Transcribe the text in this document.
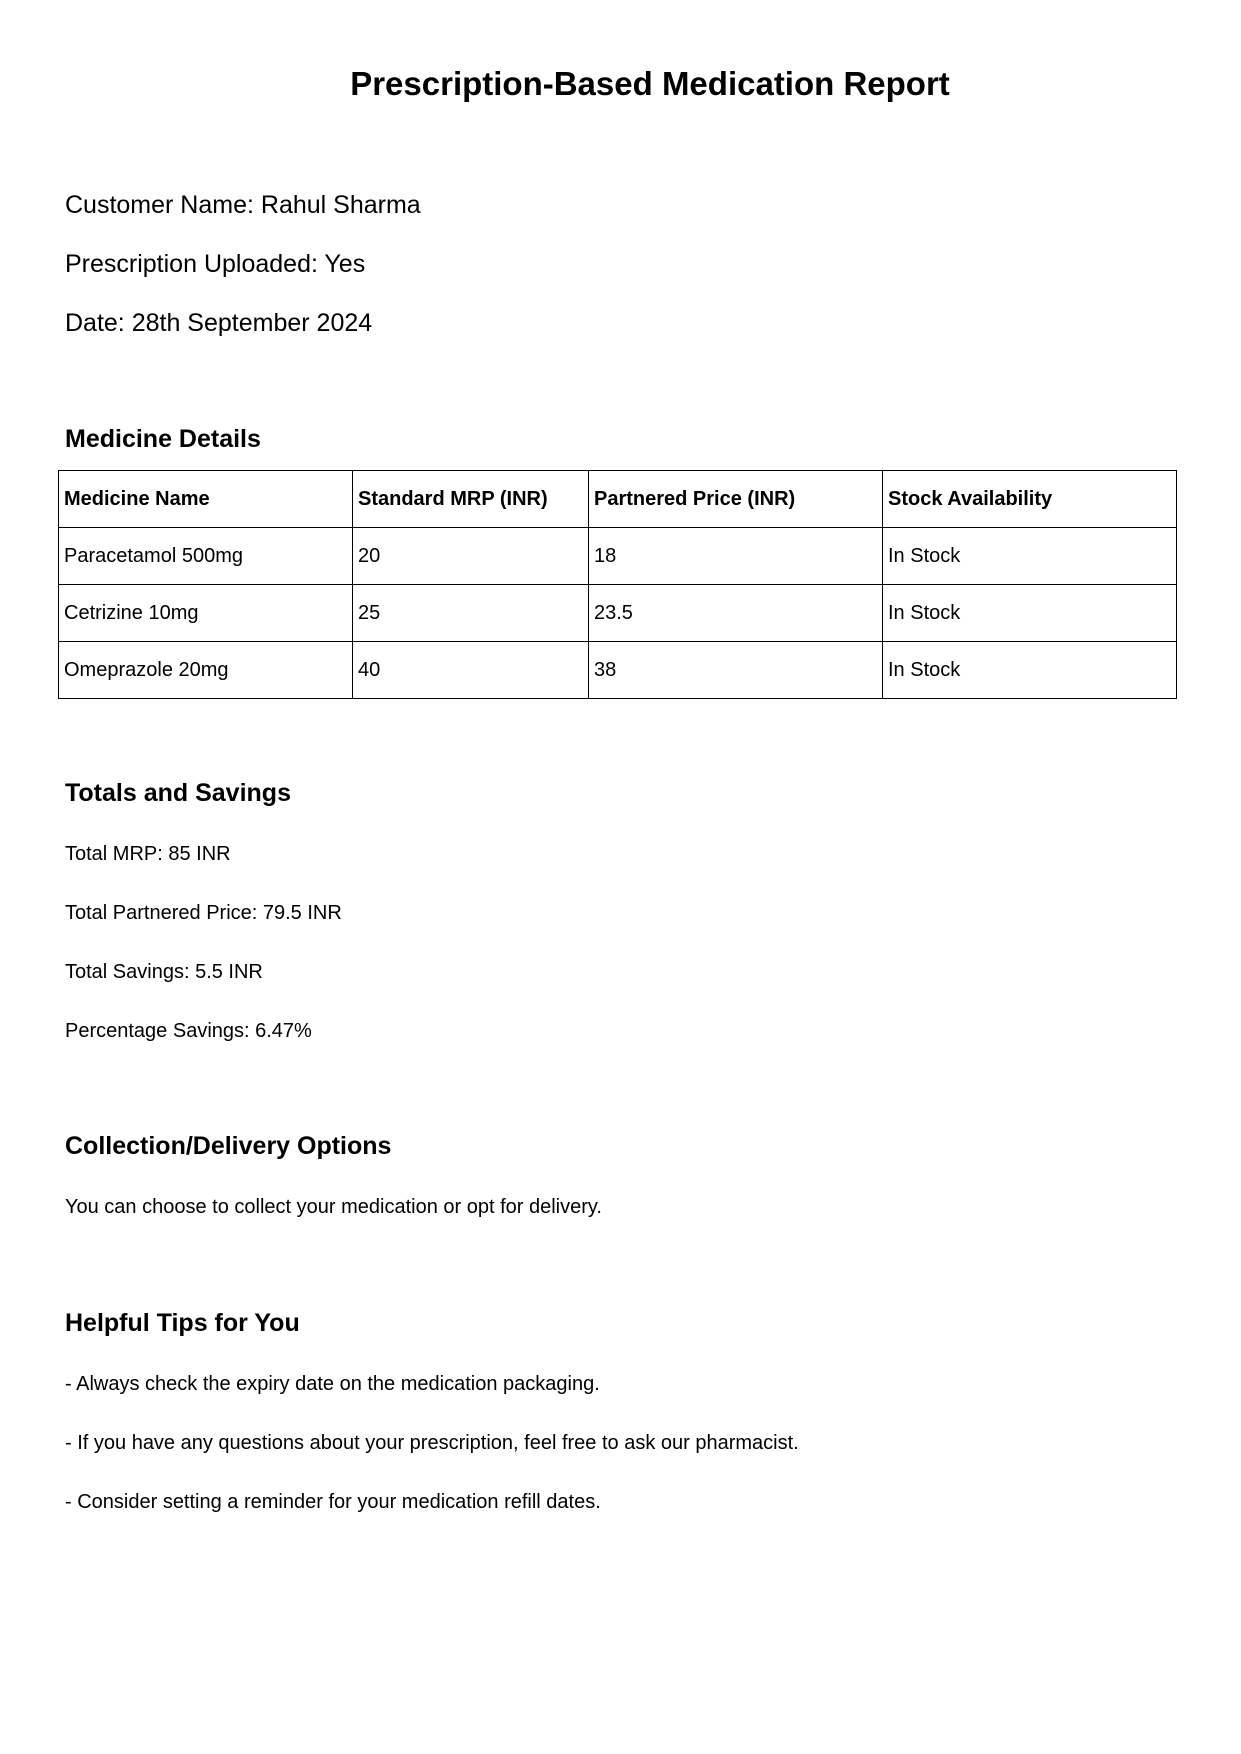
Prescription-Based Medication Report

Customer Name: Rahul Sharma

Prescription Uploaded: Yes

Date: 28th September 2024

Medicine Details
Medicine Name	Standard MRP (INR)	Partnered Price (INR)	Stock Availability
Paracetamol 500mg	20	18	In Stock
Cetrizine 10mg	25	23.5	In Stock
Omeprazole 20mg	40	38	In Stock
Totals and Savings

Total MRP: 85 INR

Total Partnered Price: 79.5 INR

Total Savings: 5.5 INR

Percentage Savings: 6.47%

Collection/Delivery Options

You can choose to collect your medication or opt for delivery.

Helpful Tips for You

- Always check the expiry date on the medication packaging.

- If you have any questions about your prescription, feel free to ask our pharmacist.

- Consider setting a reminder for your medication refill dates.
